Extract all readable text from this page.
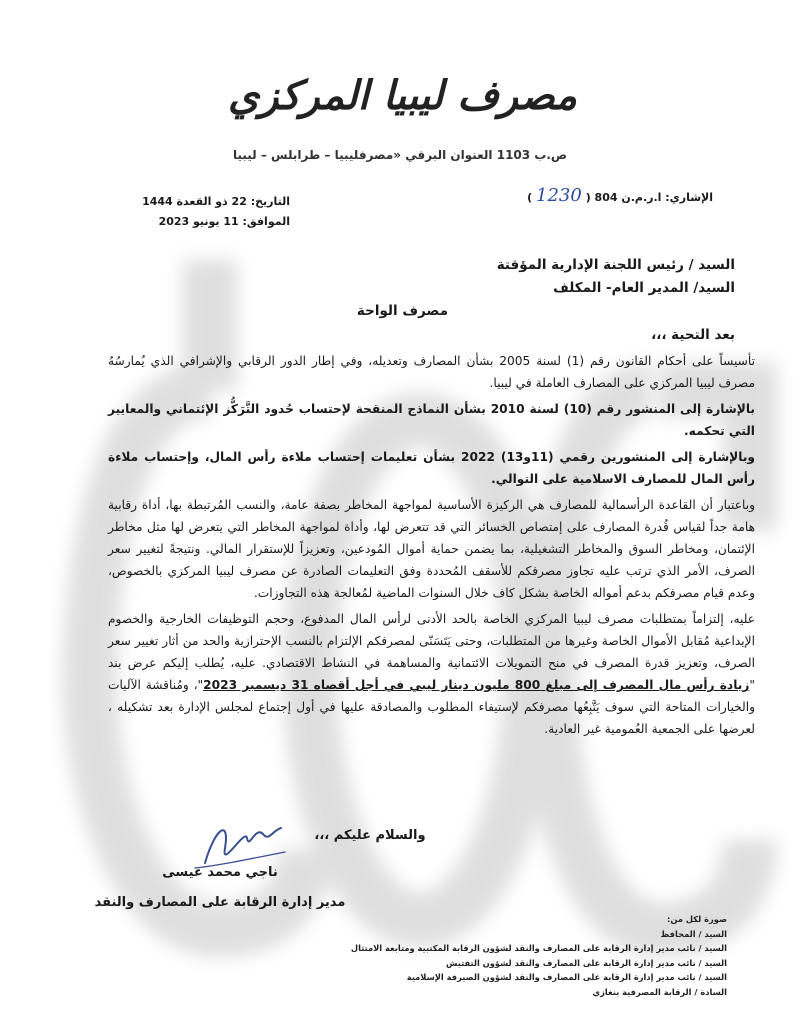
مصرف ليبيا المركزي
ص.ب 1103 العنوان البرقي «مصرفليبيا – طرابلس – ليبيا
الإشاري: ا.ر.م.ن 804 ( 1230 )
التاريخ: 22 ذو القعدة 1444
الموافق: 11 يونيو 2023
السيد / رئيس اللجنة الإدارية المؤقتة
السيد/ المدير العام- المكلف
مصرف الواحة
بعد التحية ،،،

تأسيساً على أحكام القانون رقم (1) لسنة 2005 بشأن المصارف وتعديله، وفي إطار الدور الرقابي والإشرافي الذي يُمارسُهُ مصرف ليبيا المركزي على المصارف العاملة في ليبيا.

بالإشارة إلى المنشور رقم (10) لسنة 2010 بشأن النماذج المنقحة لإحتساب حُدود التَّرَكُّز الإئتماني والمعايير التي تحكمه.

وبالإشارة إلى المنشورين رقمي (11و13) 2022 بشأن تعليمات إحتساب ملاءة رأس المال، وإحتساب ملاءة رأس المال للمصارف الاسلامية على التوالي.

وباعتبار أن القاعدة الرأسمالية للمصارف هي الركيزة الأساسية لمواجهة المخاطر بصفة عامة، والنسب المُرتبطة بها، أداة رقابية هامة جداً لقياس قُدرة المصارف على إمتصاص الخسائر التي قد تتعرض لها، وأداة لمواجهة المخاطر التي يتعرض لها مثل مخاطر الإئتمان، ومخاطر السوق والمخاطر التشغيلية، بما يضمن حماية أموال المُودعين، وتعزيزاً للإستقرار المالي. ونتيجةً لتغيير سعر الصرف، الأمر الذي ترتب عليه تجاوز مصرفكم للأسقف المُحددة وفق التعليمات الصادرة عن مصرف ليبيا المركزي بالخصوص، وعدم قيام مصرفكم بدعم أمواله الخاصة بشكل كاف خلال السنوات الماضية لمُعالجة هذه التجاوزات.

عليه، إلتزاماً بمتطلبات مصرف ليبيا المركزي الخاصة بالحد الأدنى لرأس المال المدفوع، وحجم التوظيفات الخارجية والخصوم الإيداعية مُقابل الأموال الخاصة وغيرها من المتطلبات، وحتى يَتَسَنّى لمصرفكم الإلتزام بالنسب الإحترازية والحد من أثار تغيير سعر الصرف، وتعزيز قدرة المصرف في منح التمويلات الائتمانية والمساهمة في النشاط الاقتصادي. عليه، يُطلب إليكم عرض بند "زيادة رأس مال المصرف إلى مبلغ 800 مليون دينار ليبي في أجل أقصاه 31 ديسمبر 2023"، ومُناقشة الآليات والخيارات المتاحة التي سوف يَتَّبِعُها مصرفكم لإستيفاء المطلوب والمصادقة عليها في أول إجتماع لمجلس الإدارة بعد تشكيله ، لعرضها على الجمعية العُمومية غير العادية.

والسلام عليكم ،،،
ناجي محمد عيسى
مدير إدارة الرقابة على المصارف والنقد
صورة لكل من:
السيد / المحافظ
السيد / نائب مدير إدارة الرقابة على المصارف والنقد لشؤون الرقابة المكتبية ومتابعة الامتثال
السيد / نائب مدير إدارة الرقابة على المصارف والنقد لشؤون التفتيش
السيد / نائب مدير إدارة الرقابة على المصارف والنقد لشؤون الصيرفة الإسلامية
السادة / الرقابة المصرفية بنغازي
